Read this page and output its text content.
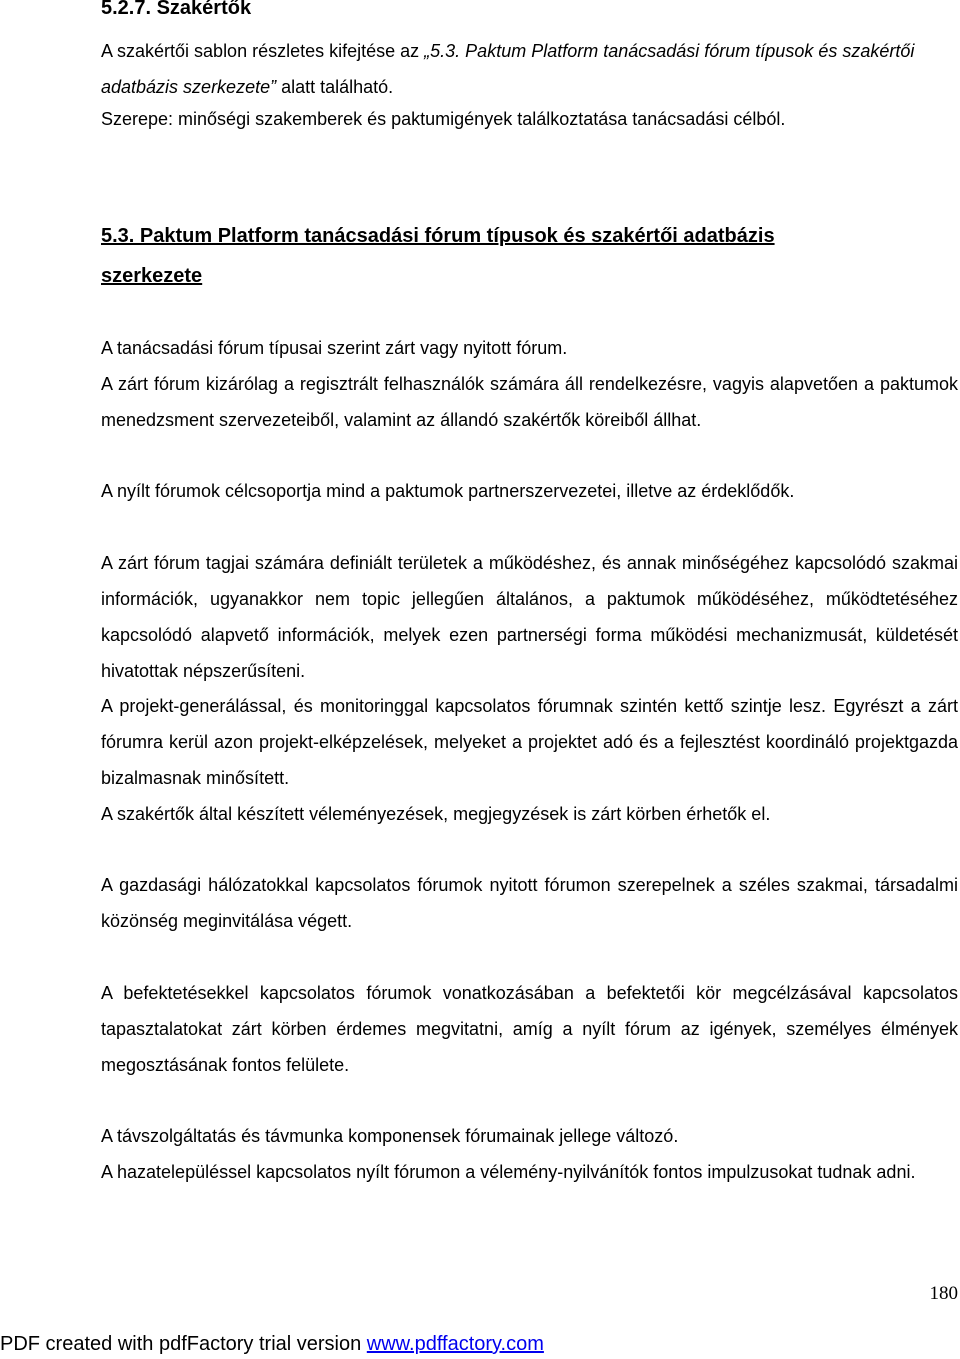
5.2.7. Szakértők

A szakértői sablon részletes kifejtése az „5.3. Paktum Platform tanácsadási fórum típusok és szakértői adatbázis szerkezete” alatt található.

Szerepe: minőségi szakemberek és paktumigények találkoztatása tanácsadási célból.

5.3. Paktum Platform tanácsadási fórum típusok és szakértői adatbázis
szerkezete

A tanácsadási fórum típusai szerint zárt vagy nyitott fórum.

A zárt fórum kizárólag a regisztrált felhasználók számára áll rendelkezésre, vagyis alapvetően a paktumok menedzsment szervezeteiből, valamint az állandó szakértők köreiből állhat.

A nyílt fórumok célcsoportja mind a paktumok partnerszervezetei, illetve az érdeklődők.

A zárt fórum tagjai számára definiált területek a működéshez, és annak minőségéhez kapcsolódó szakmai információk, ugyanakkor nem topic jellegűen általános, a paktumok működéséhez, működtetéséhez kapcsolódó alapvető információk, melyek ezen partnerségi forma működési mechanizmusát, küldetését hivatottak népszerűsíteni.

A projekt-generálással, és monitoringgal kapcsolatos fórumnak szintén kettő szintje lesz. Egyrészt a zárt fórumra kerül azon projekt-elképzelések, melyeket a projektet adó és a fejlesztést koordináló projektgazda bizalmasnak minősített.

A szakértők által készített véleményezések, megjegyzések is zárt körben érhetők el.

A gazdasági hálózatokkal kapcsolatos fórumok nyitott fórumon szerepelnek a széles szakmai, társadalmi közönség meginvitálása végett.

A befektetésekkel kapcsolatos fórumok vonatkozásában a befektetői kör megcélzásával kapcsolatos tapasztalatokat zárt körben érdemes megvitatni, amíg a nyílt fórum az igények, személyes élmények megosztásának fontos felülete.

A távszolgáltatás és távmunka komponensek fórumainak jellege változó.

A hazatelepüléssel kapcsolatos nyílt fórumon a vélemény-nyilvánítók fontos impulzusokat tudnak adni.

180
PDF created with pdfFactory trial version www.pdffactory.com
